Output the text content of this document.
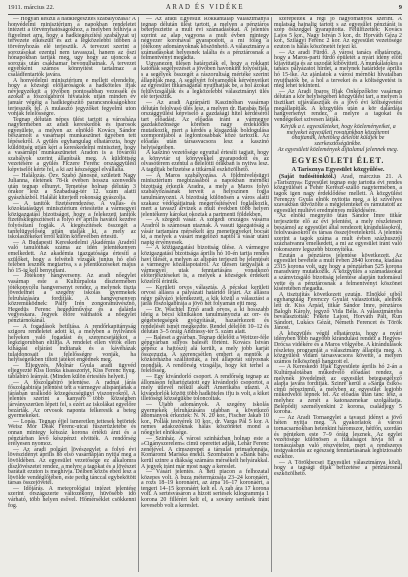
1911. március 22.	ARAD ÉS VIDÉKE	9

— Hogyan készül a hadkiegészítés szabályozása? A honvédelmi minisztérium a napokban rendeletet intézett a törvényhatóságokhoz, a melyben felhívja a figyelmet arra, hogy a hadkiegészítési szabályzat uj tervezete elkészült és azt a legközelebbi időben a törvényhozás elé terjesztik. A tervezet szerint a sorozásokat ezentul nem tavasszal, hanem az őszi hónapokban tartják meg, ugy hogy az ujoncok a sorozás után csakhamar bevonulhatnak. A tervezet egyébként számos könnyítést tartalmaz a családfentartók javára.

A honvédelmi minisztérium e mellett elrendelte, hogy a községi elöljáróságok a hadköteles ifjak névjegyzékeit a jövőben pontosabban vezessék és azokat a főszolgabírói hivatalok utján minden év január végéig a hadkiegészítő parancsnokságokhoz terjesszék fel. A mulasztó jegyzőket fegyelmi uton vonják felelősségre.

Tegnap délután népes ülést tartott a városháza nagytermében az aradi kereskedők és iparosok egyesülete, a melyen az elnöklő Kovács Sándor beszámolt a vasárnapi munkaszünet ügyében tett lépésekről. A gyülés egyhangulag elhatározta, hogy küldöttség utján kéri a kereskedelmi minisztert, hogy a vasárnapi munkaszünetet Aradon is a fővárosi szabályok szerint állapítsák meg. A küldöttség vezetésére a gyülés Ficzere Ferenc országgyülési képviselőt kérte fel, a ki azt készséggel elvállalta.

— Halálozás. Özv. Szabó Jánosné, született Nagy Julianna, életének 78-ik évében hosszu szenvedés után tegnap elhunyt. Temetése holnap délután 3 órakor lesz a Szabadság-tér 12. szám alatti gyászházból. Halálát kiterjedt rokonság gyászolja.

— A tanitók fizetésrendezése. A vallás- és közoktatásügyi minisztérium értesítette a vármegyei közigazgatási bizottságot, hogy a felekezeti tanitók fizetéskiegészítéseit a folyó év április havától kezdve folyósítani fogják. A kiegészítések összegét a tanfelügyelőség utján utalják ki, a mely az iskolaszékeket erről külön körlevélben értesíti.

— A Budapesti Kereskedelmi Akadémia Aradról való tanulóinak száma az idén jelentékenyen emelkedett. Az akadémia igazgatósága értesíti a szülőket, hogy a felvételi vizsgák junius hó első felében lesznek megtartva, s a jelentkezéseket május hó 15-ig kell benyujtani.

— Jótékony hangverseny. Az aradi nőegylet vasárnap este a Kultúrpalota dísztermében jótékonycélu hangversenyt rendez, a melynek tiszta jövedelmét a szegény iskolás gyermekek felruházására fordítják. A hangversenyen közreműködnek: Pálfy Irén zongoraművésznő, Hegedüs Ferenc hegedűművész és a dalárda vegyeskara. Jegyek előre válthatók a nőegylet pénztárnokánál.

— A fogadások betiltása. A rendőrkapitányság szigoru rendeletet adott ki, a melyben a nyilvános helyeken való fogadást és szerencsejátékot a legszigorubban eltiltja. A rendelet ellen vétők ellen kihágási eljárást indítanak és a kávéházak tulajdonosait is felelősségre vonják, ha helyiségeikben tiltott játékot engednek meg.

— Eljegyzés. Molnár Gyula aradi ügyvéd eljegyezte Kiss Ilonka kisasszonyt, Kiss Ferenc nyug. táblabiró leányát. (Minden külön értesítés helyett.)

— A főszolgabiró jelentése. A radnai járás főszolgabirája jelentést tett a vármegye alispánjának a járásban uralkodó közegészségügyi viszonyokról. A jelentés szerint a kanyaró több községben járványszerüen lépett fel, s ezért az iskolákat egyelőre bezárták. Az orvosok naponta felkeresik a beteg gyermekeket.

— Lopás. Tegnap éjjel ismeretlen tettesek betörtek Weisz Mór Deák Ferenc-utcai fűszerüzletébe és onnan mintegy kétszáz korona értékü árut és a pénztárban levő készpénzt elvitték. A rendőrség erélyesen nyomoz.

— Az aradi polgári lövészegylet a folyó évi lövészidényt április hó első vasárnapján nyitja meg a lövöldében. Az egyesület vezetősége ez alkalomra díszlövészetet rendez, a melyre a tagokat és a lövészet barátait ezuton is meghívja. Délben közös ebéd lesz a lövölde vendéglőjében, este pedig tánccal egybekötött társas összejövetel.

— Időjárás. A meteorológiai intézet jelentése szerint országszerte változékony, hüvösebb idő várható, több helyen esővel. Hőmérséklet csökkenni fog.

— Az aradi Egyesült Rokkantalap választmánya tegnap délután ülést tartott, a melyen a pénztáros beterjesztette a mult évi számadásokat. A jelentés szerint az alap vagyona a mult évben mintegy négyezer koronával gyarapodott, a mi főleg a jótékony adományoknak köszönhető. A választmány a számadásokat helyesnek találta és a pénztárosnak a felmentvényt megadta.

Ugyanezen ülésen határozták el, hogy a rokkant katonák segélyezését a jövőben havonkint folyósítják, s a segélyek összegét a rászorultság mértéke szerint állapítják meg. A segélyért folyamodók kérvényeiket az egyesület titkárságánál nyujthatják be, a hol azokat felülvizsgálják és a legközelebbi választmányi ülés elé terjesztik.

— Az aradi Agrárpárti Kaszinóban vasárnap délután felolvasó ülés lesz, a melyen dr. Barabás Béla országgyülési képviselő a gazdasági hitel kérdéséről tart előadást. Az előadás iránt a vármegye gazdaközönsége körében nagy érdeklődés mutatkozik, mert a kérdés a kisgazdák boldogulása szempontjából a legfontosabbak közé tartozik. Az előadás után társasvacsora lesz a kaszinó helyiségeiben.

A kaszinó vezetősége egyuttal értesíti tagjait, hogy a könyvtár uj könyvekkel gyarapodott és az olvasóterem ezentul a délelőtti órákban is nyitva lesz. A tagdijak befizetése a titkárnál eszközölhető.

— A Maros szabályozása. A földmivelésügyi minisztérium megbízásából a napokban mérnöki bizottság érkezik Aradra, a mely a Maros folyó szabályozásának terveit a helyszínen fogja tanulmányozni. A bizottság különösen a város alatti szakasz védőgátjainak megerősítésével foglalkozik, mert a tavaszi árvizek a mult években több helyen jelentékeny károkat okoztak a partmenti földekben.

— A szegedi vásár. A szegedi országos vásárra Aradról is számosan utaznak. A vasuti igazgatóság a vásár tartamára mérsékelt áru menetjegyeket bocsát ki, a melyek a vásárt megelőző naptól a vásár utáni napig érvényesek.

— A közigazgatási bizottság ülése. A vármegye közigazgatási bizottsága április hó 10-én tartja rendes havi ülését, a melyen az alispán terjeszti be jelentését a vármegye közállapotairól. Az ülésen tárgyalják a vármegyei utak fenntartására vonatkozó előterjesztéseket is, a melyek a községek érdekeit közelről érintik.

— Kerületi orvos választás. A pécskai kerületi orvosi állásra a pályázati határidő lejárt. Az állásra négy pályázó jelentkezett, a kik közül a választást a járás főszolgabirája a jövő hét folyamán ejti meg.

— Dr. Wachtel Ernő aradi orvos, a ki hosszabb ideig a bécsi klinikákon tanulmányozta az orr- és gégebetegségek gyógyítását, hazaérkezett és rendelését ismét megkezdte. Rendel délelőtt 10–12 és délután 3–5 óráig Andrássy-tér 5. szám alatt.

— Baleset a gyárban. Tegnap délelőtt a Weitzer-féle gépgyárban súlyos baleset történt. Kovács István gépész a hajtószíj alá került, a mely jobb karját összezuzta. A szerencsétlen embert a mentők a közkórházba szállították, a hol állapotát súlyosnak mondják. A rendőrség vizsgálja, hogy kit terhel a felelősség.

— Egy kivándorló csoport. A rendőrség tegnap az állomáson feltartóztatott egy kivándorló csoportot, a mely útlevél nélkül akart Amerikába utazni. A kivándorlók között több hadköteles ifju is volt, a kiket illetőségi községükbe toloncoltak.

— Ujabb adományok. A szegény iskolás gyermekek felruházására ujabban a következő adományok érkeztek: N. N. 20 kor., Fischer Jakab 10 kor., Pollák testvérek 10 kor., dr. Varga Pál 5 kor. A nemes adakozóknak hálás köszönetet mond a nőegylet elnöksége.

— Szinház. A városi szinházban holnap este a »Cigányszerelem« cimü operettet adják, Lehár Ferenc zenéjével. A cimszerepet a társulat primadonnája, Komáromi Mariska énekli. Szombaton a »Bánk bán« kerül szinre a diákság számára mérsékelt helyárakkal. A jegyek iránt már most nagy a kereslet.

— Vásári jelentés. A heti piacon a felhozatal közepes volt. A buza métermázsája 23–24 koronáért, a rozs 18–19 koronáért, az árpa 16–17 koronáért, a tengeri 14–15 koronáért kelt el. A zab ára 17 korona volt. A sertésvásáron a hizott sertések kilogrammja 1 korona 20 fillérért kelt el, a sovány sertések iránt kevesebb volt a kereslet.

szerepeltek a régi jó hagyományok szerint. A mulatság hajnalig tartott s az egyesület pénztárát is szép összeggel gyarapította. Felülfizettek: Kovács Lajos 5 kor., Nagy István 3 kor., dr. Horváth Géza 2 kor., Szilágyi Ferenc 2 kor. Az egyesület vezetősége ezuton is hálás köszönetét fejezi ki.

— Az aradi Fürdő. A városi tanács elhatározta, hogy a Maros-parti fürdő épületét a nyári idény előtt kijavíttatja és az uszodát kibővítteti. A munkálatokra a tanács pályázatot hirdet, a melynek határideje április hó 15-ike. Az ajánlatok a városi mérnöki hivatalban nyujthatók be, a hol a terveket és a költségvetést is meg lehet tekinteni.

— Az Aradi Iparos Ifjak Önképzőköre vasárnap délután a kör helyiségében közgyülést tart, a melyen a tisztikart ujjáválasztják és a jövő évi költségvetést megállapítják. A közgyülés után a kör dalárdája hangversenyt rendez, a melyre a tagokat és vendégeiket szivesen látják.

Kérjük a t. egyesületeket, hogy közleményeiket, a melyeket egyesületi rovatunkban közzétenni óhajtanak, lehetőleg délelőtt küldjék be szerkesztőségünkbe.

Az egyesületi közlemények díjtalanul jelennek meg.

EGYESÜLETI ÉLET.
A Tarisznya Egyesület közgyűlése.

(Saját tudósítónktól.) Arad, márczius 21. A »Tarisznya« Egyesület tegnap este tartotta évi rendes közgyülését a Fehér Kereszt-szálló nagytermében, a tagok igen nagy érdeklődése mellett. A közgyülést Ferenczy Gyula elnök nyitotta meg, a ki szívélyes szavakban üdvözölte a megjelenteket és rámutatott az egyesület multévi eredményes működésére.

Az elnöki megnyitó után Sándor Imre titkár terjesztette elő az évi jelentést, a mely részletesen beszámol az egyesület által rendezett kirándulásokról, felolvasásokról és társas összejövetelekről. A jelentés szerint a tagok száma a mult évben százhuszról százhatvanra emelkedett, a mi az egyesület iránt való rokonszenv legszebb bizonyítéka.

Ezután a pénztáros jelentése következett. Az egyesület bevétele a mult évben 2840 korona, kiadása 2315 korona volt, ugy hogy a pénztárban 525 korona maradvány mutatkozik. A közgyülés a számadásokat a számvizsgáló bizottság jelentése alapján tudomásul vette és a pénztárosnak a felmentvényt köszönet kíséretében megadta.

A tisztujítás következett ezután. Elnökké ujból egyhangulag Ferenczy Gyulát választották, alelnök lett dr. Kiss Árpád, titkár Sándor Imre, pénztáros Balogh Károly, jegyző Vida Béla. A választmányba beválasztották: Fekete Lajost, Horváth Pált, Kun Sándort, Lukács Gézát, Németh Ferencet és Török Jánost.

A közgyülés végül elhatározta, hogy a nyári idényben több nagyobb kirándulást rendez a Hegyes-Drócsa vidékére és a Maros völgyébe. A kirándulások részletes programját a választmány állapítja meg. A közgyülést vidám társasvacsora követte, a melyen számos felköszöntő hangzott el.

— A Kereskedő Ifjak Egyesülete április hó 2-án a Kultúrpalotában műkedvelő előadást rendez, a melynek jövedelmét az egyesület betegsegélyző alapja javára fordítják. Szinre kerül a »Sárga csikó« cimü népszinmű, a melyben az egyesület legjobb műkedvelői lépnek fel. Az előadás után tánc lesz, a melyhez a zenét a katonazenekar szolgáltatja. Belépődij személyenkint 2 korona, családjegy 5 korona.

— Az Aradi Tornaegylet a tavaszi idényt a jövő héten nyitja meg. A gyakorlatok a városi tornacsarnokban hetenkint háromszor, hétfőn, szerdán és pénteken este 7–9 óráig lesznek. Az egylet vezetősége különösen a fiatalságot hívja fel a tornászásban való részvételre, mert a rendszeres testgyakorlás az egészség fenntartásának legbiztosabb eszköze.

— A Törökbecsei Egyesület választmánya közli, hogy a tagsági dijak befizetése a pénztárosnál eszközölhető.
